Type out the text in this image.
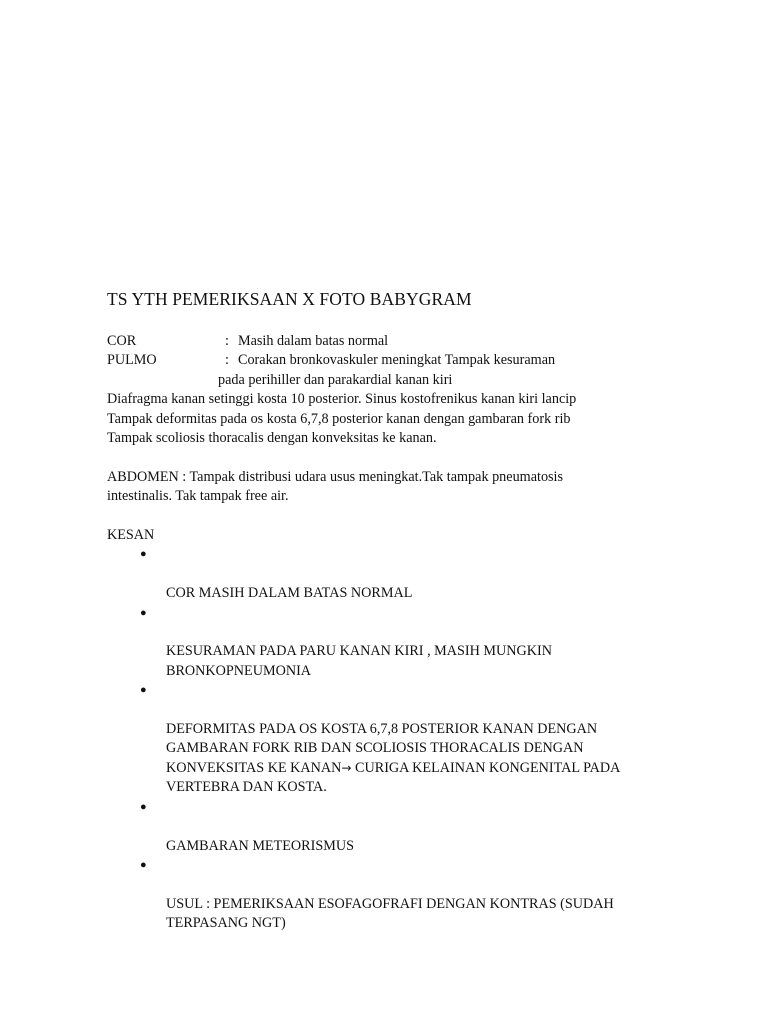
TS YTH PEMERIKSAAN X FOTO BABYGRAM
COR	: Masih dalam batas normal
PULMO	: Corakan bronkovaskuler meningkat Tampak kesuraman
pada perihiller dan parakardial kanan kiri
Diafragma kanan setinggi kosta 10 posterior. Sinus kostofrenikus kanan kiri lancip
Tampak deformitas pada os kosta 6,7,8 posterior kanan dengan gambaran fork rib
Tampak scoliosis thoracalis dengan konveksitas ke kanan.
ABDOMEN : Tampak distribusi udara usus meningkat.Tak tampak pneumatosis
intestinalis. Tak tampak free air.
KESAN

●

COR MASIH DALAM BATAS NORMAL

●

KESURAMAN PADA PARU KANAN KIRI , MASIH MUNGKIN
BRONKOPNEUMONIA

●

DEFORMITAS PADA OS KOSTA 6,7,8 POSTERIOR KANAN DENGAN
GAMBARAN FORK RIB DAN SCOLIOSIS THORACALIS DENGAN
KONVEKSITAS KE KANAN→ CURIGA KELAINAN KONGENITAL PADA
VERTEBRA DAN KOSTA.

●

GAMBARAN METEORISMUS

●

USUL : PEMERIKSAAN ESOFAGOFRAFI DENGAN KONTRAS (SUDAH
TERPASANG NGT)
